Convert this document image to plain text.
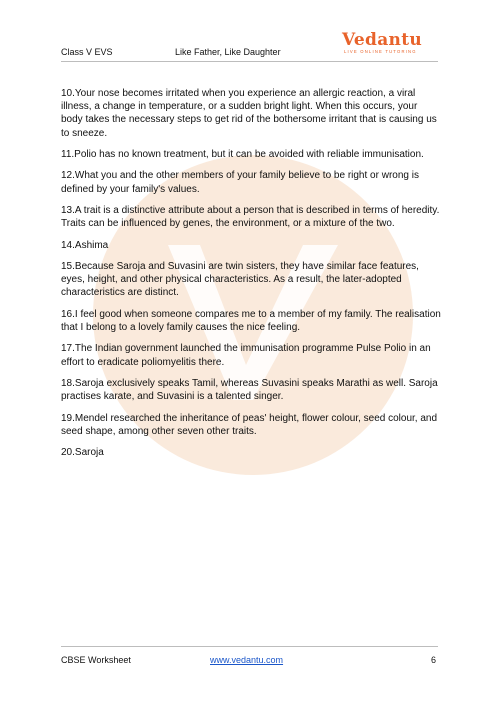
Class V EVS	Like Father, Like Daughter
Vedantu
LIVE ONLINE TUTORING

10.Your nose becomes irritated when you experience an allergic reaction, a viral illness, a change in temperature, or a sudden bright light. When this occurs, your body takes the necessary steps to get rid of the bothersome irritant that is causing us to sneeze.

11.Polio has no known treatment, but it can be avoided with reliable immunisation.

12.What you and the other members of your family believe to be right or wrong is defined by your family's values.

13.A trait is a distinctive attribute about a person that is described in terms of heredity. Traits can be influenced by genes, the environment, or a mixture of the two.

14.Ashima

15.Because Saroja and Suvasini are twin sisters, they have similar face features, eyes, height, and other physical characteristics. As a result, the later-adopted characteristics are distinct.

16.I feel good when someone compares me to a member of my family. The realisation that I belong to a lovely family causes the nice feeling.

17.The Indian government launched the immunisation programme Pulse Polio in an effort to eradicate poliomyelitis there.

18.Saroja exclusively speaks Tamil, whereas Suvasini speaks Marathi as well. Saroja practises karate, and Suvasini is a talented singer.

19.Mendel researched the inheritance of peas' height, flower colour, seed colour, and seed shape, among other seven other traits.

20.Saroja

CBSE Worksheet	www.vedantu.com	6
